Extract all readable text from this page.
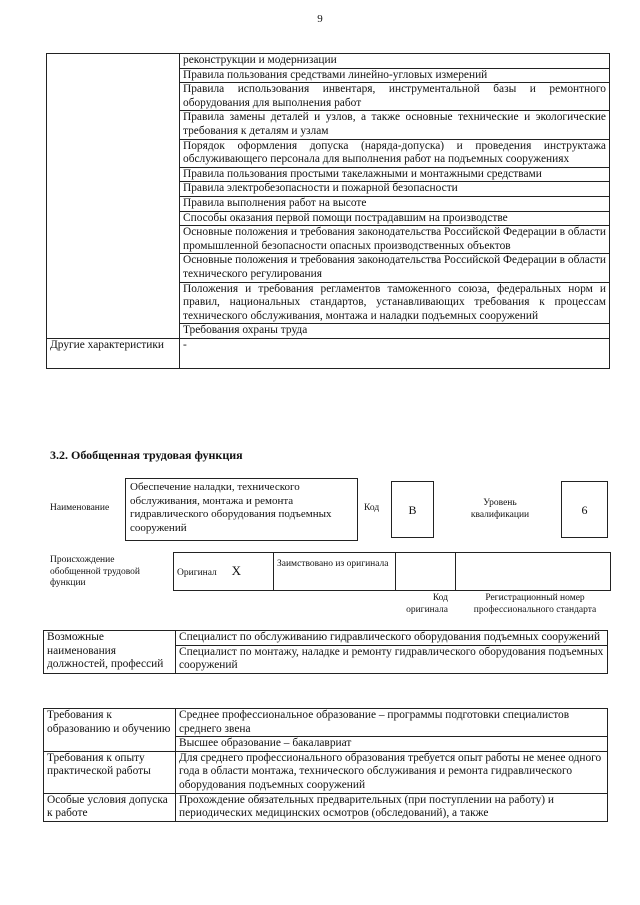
9
	реконструкции и модернизации
	Правила пользования средствами линейно-угловых измерений
	Правила использования инвентаря, инструментальной базы и ремонтного оборудования для выполнения работ
	Правила замены деталей и узлов, а также основные технические и экологические требования к деталям и узлам
	Порядок оформления допуска (наряда-допуска) и проведения инструктажа обслуживающего персонала для выполнения работ на подъемных сооружениях
	Правила пользования простыми такелажными и монтажными средствами
	Правила электробезопасности и пожарной безопасности
	Правила выполнения работ на высоте
	Способы оказания первой помощи пострадавшим на производстве
	Основные положения и требования законодательства Российской Федерации в области промышленной безопасности опасных производственных объектов
	Основные положения и требования законодательства Российской Федерации в области технического регулирования
	Положения и требования регламентов таможенного союза, федеральных норм и правил, национальных стандартов, устанавливающих требования к процессам технического обслуживания, монтажа и наладки подъемных сооружений
	Требования охраны труда
Другие характеристики	-
3.2. Обобщенная трудовая функция
Наименование
Обеспечение наладки, технического обслуживания, монтажа и ремонта гидравлического оборудования подъемных сооружений
Код	B	Уровень квалификации	6
Происхождение обобщенной трудовой функции
Оригинал X	Заимствовано из оригинала		
Код оригинала
Регистрационный номер профессионального стандарта
Возможные наименования должностей, профессий	Специалист по обслуживанию гидравлического оборудования подъемных сооружений
Специалист по монтажу, наладке и ремонту гидравлического оборудования подъемных сооружений
Требования к образованию и обучению	Среднее профессиональное образование – программы подготовки специалистов среднего звена
	Высшее образование – бакалавриат
Требования к опыту практической работы	Для среднего профессионального образования требуется опыт работы не менее одного года в области монтажа, технического обслуживания и ремонта гидравлического оборудования подъемных сооружений
Особые условия допуска к работе	Прохождение обязательных предварительных (при поступлении на работу) и периодических медицинских осмотров (обследований), а также
